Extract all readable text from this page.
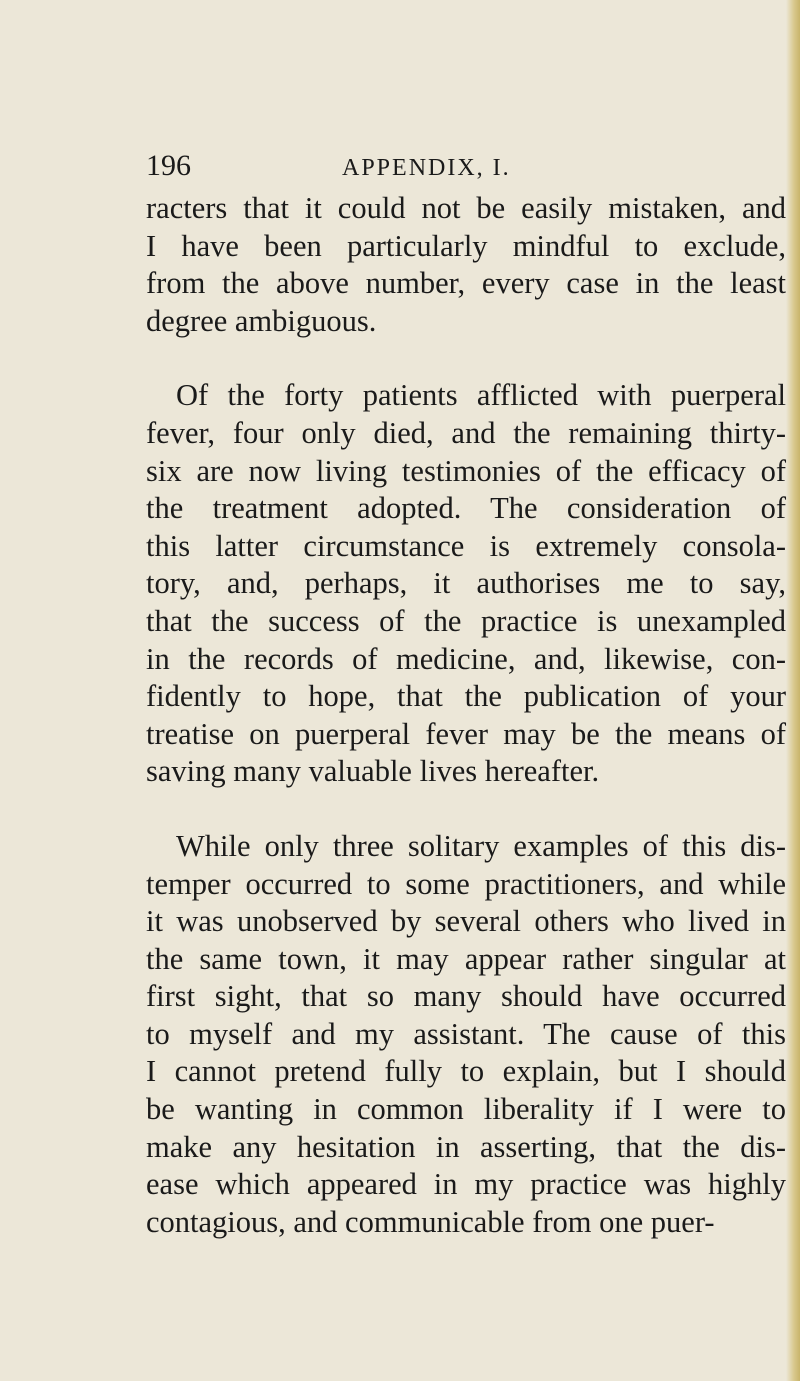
196	APPENDIX, I.

racters that it could not be easily mistaken, and
I have been particularly mindful to exclude,
from the above number, every case in the least
degree ambiguous.

Of the forty patients afflicted with puerperal
fever, four only died, and the remaining thirty-
six are now living testimonies of the efficacy of
the treatment adopted. The consideration of
this latter circumstance is extremely consola-
tory, and, perhaps, it authorises me to say,
that the success of the practice is unexampled
in the records of medicine, and, likewise, con-
fidently to hope, that the publication of your
treatise on puerperal fever may be the means of
saving many valuable lives hereafter.

While only three solitary examples of this dis-
temper occurred to some practitioners, and while
it was unobserved by several others who lived in
the same town, it may appear rather singular at
first sight, that so many should have occurred
to myself and my assistant. The cause of this
I cannot pretend fully to explain, but I should
be wanting in common liberality if I were to
make any hesitation in asserting, that the dis-
ease which appeared in my practice was highly
contagious, and communicable from one puer-
